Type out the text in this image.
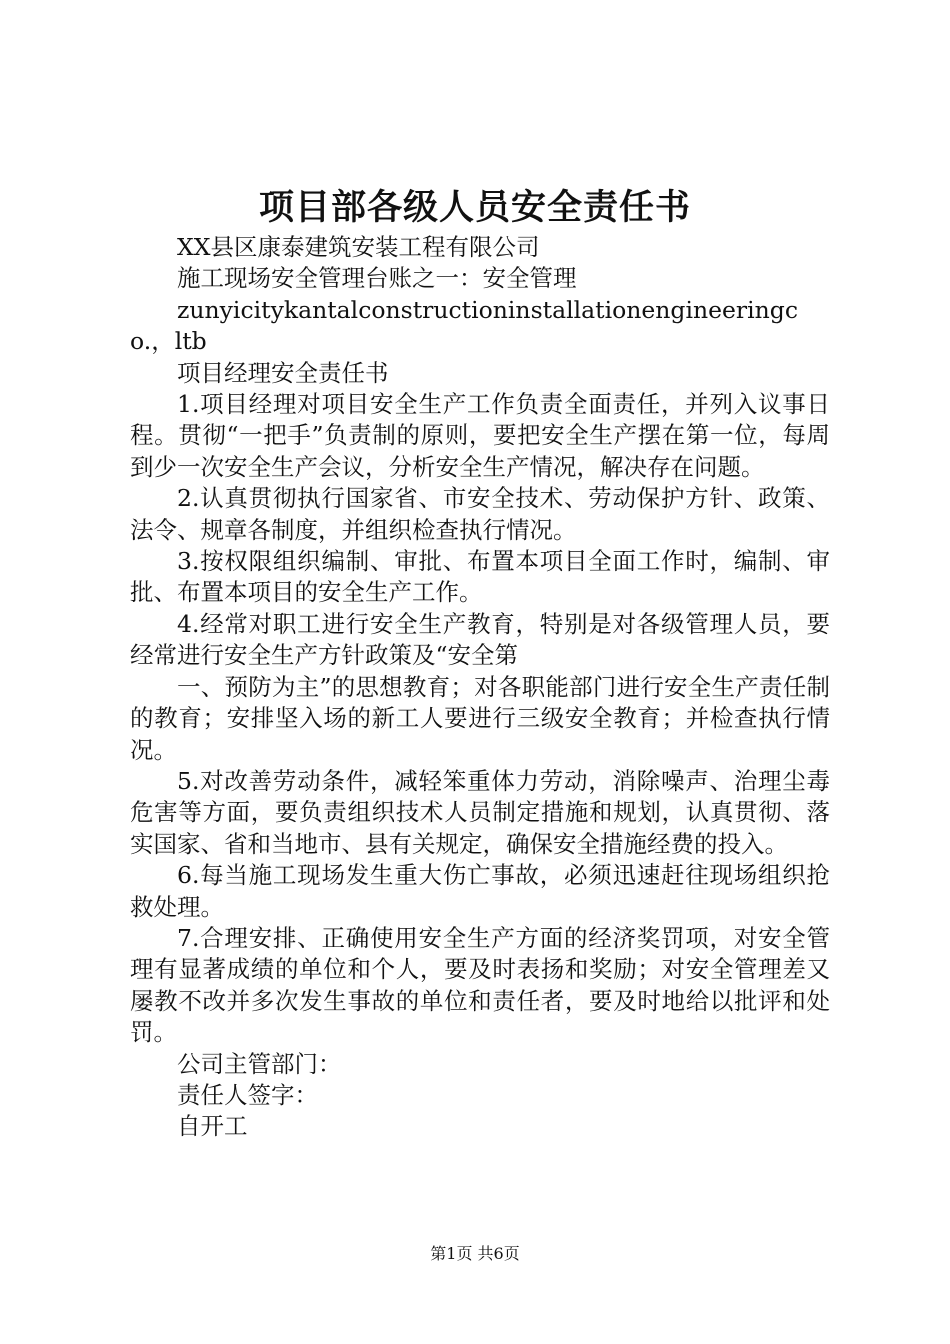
项目部各级人员安全责任书

XX县区康泰建筑安装工程有限公司

施工现场安全管理台账之一：安全管理

zunyicitykantalconstructioninstallationengineeringco.，ltb

项目经理安全责任书

1.项目经理对项目安全生产工作负责全面责任，并列入议事日程。贯彻“一把手”负责制的原则，要把安全生产摆在第一位，每周到少一次安全生产会议，分析安全生产情况，解决存在问题。

2.认真贯彻执行国家省、市安全技术、劳动保护方针、政策、法令、规章各制度，并组织检查执行情况。

3.按权限组织编制、审批、布置本项目全面工作时，编制、审批、布置本项目的安全生产工作。

4.经常对职工进行安全生产教育，特别是对各级管理人员，要经常进行安全生产方针政策及“安全第

一、预防为主”的思想教育；对各职能部门进行安全生产责任制的教育；安排坚入场的新工人要进行三级安全教育；并检查执行情况。

5.对改善劳动条件，减轻笨重体力劳动，消除噪声、治理尘毒危害等方面，要负责组织技术人员制定措施和规划，认真贯彻、落实国家、省和当地市、县有关规定，确保安全措施经费的投入。

6.每当施工现场发生重大伤亡事故，必须迅速赶往现场组织抢救处理。

7.合理安排、正确使用安全生产方面的经济奖罚项，对安全管理有显著成绩的单位和个人，要及时表扬和奖励；对安全管理差又屡教不改并多次发生事故的单位和责任者，要及时地给以批评和处罚。

公司主管部门：

责任人签字：

自开工

第1页 共6页
